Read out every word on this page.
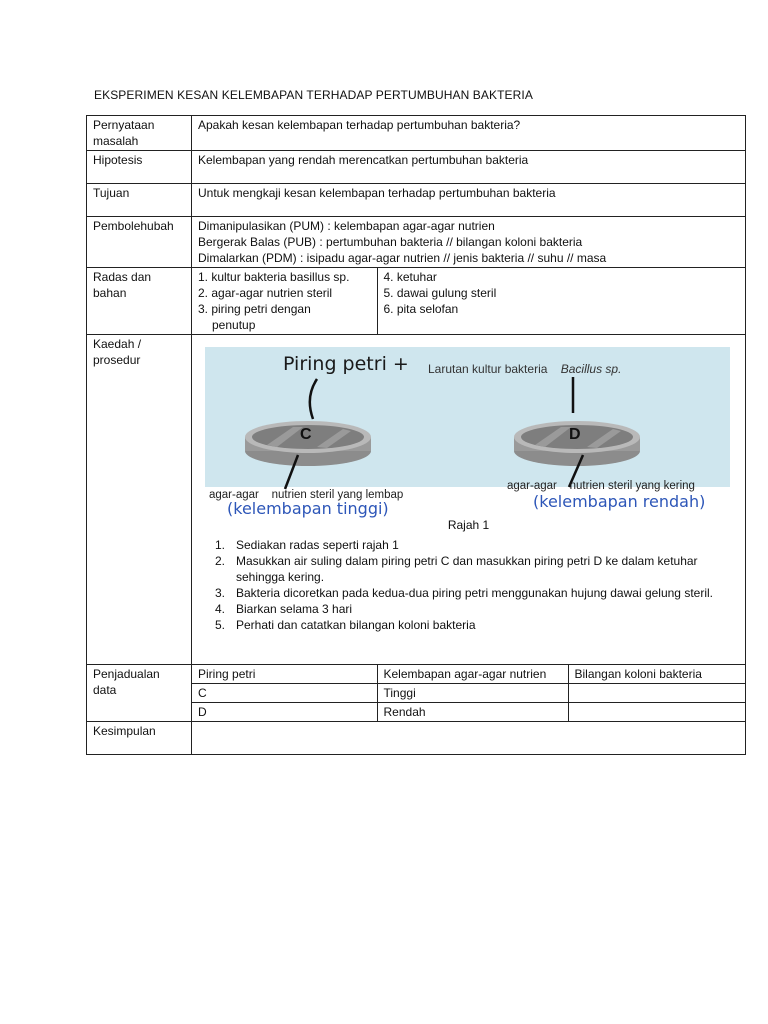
EKSPERIMEN KESAN KELEMBAPAN TERHADAP PERTUMBUHAN BAKTERIA
Pernyataan masalah	Apakah kesan kelembapan terhadap pertumbuhan bakteria?
Hipotesis	Kelembapan yang rendah merencatkan pertumbuhan bakteria
Tujuan	Untuk mengkaji kesan kelembapan terhadap pertumbuhan bakteria
Pembolehubah	Dimanipulasikan (PUM) : kelembapan agar-agar nutrien

Bergerak Balas (PUB) : pertumbuhan bakteria // bilangan koloni bakteria

Dimalarkan (PDM) : isipadu agar-agar nutrien // jenis bakteria // suhu // masa

Radas dan bahan	
1. kultur bakteria basillus sp.
2. agar-agar nutrien steril
3. piring petri dengan
penutup

4. ketuhar
5. dawai gulung steril
6. pita selofan

Kaedah / prosedur	Piring petri + Larutan kultur bakteria Bacillus sp.
C	D
agar-agar    nutrien steril yang lembap
agar-agar    nutrien steril yang kering
(kelembapan tinggi)	(kelembapan rendah)
Rajah 1
1. Sediakan radas seperti rajah 1
2. Masukkan air suling dalam piring petri C dan masukkan piring petri D ke dalam ketuhar sehingga kering.
3. Bakteria dicoretkan pada kedua-dua piring petri menggunakan hujung dawai gelung steril.
4. Biarkan selama 3 hari
5. Perhati dan catatkan bilangan koloni bakteria

Penjadualan data	
Piring petri	Kelembapan agar-agar nutrien	Bilangan koloni bakteria
C	Tinggi	
D	Rendah	

Kesimpulan	
